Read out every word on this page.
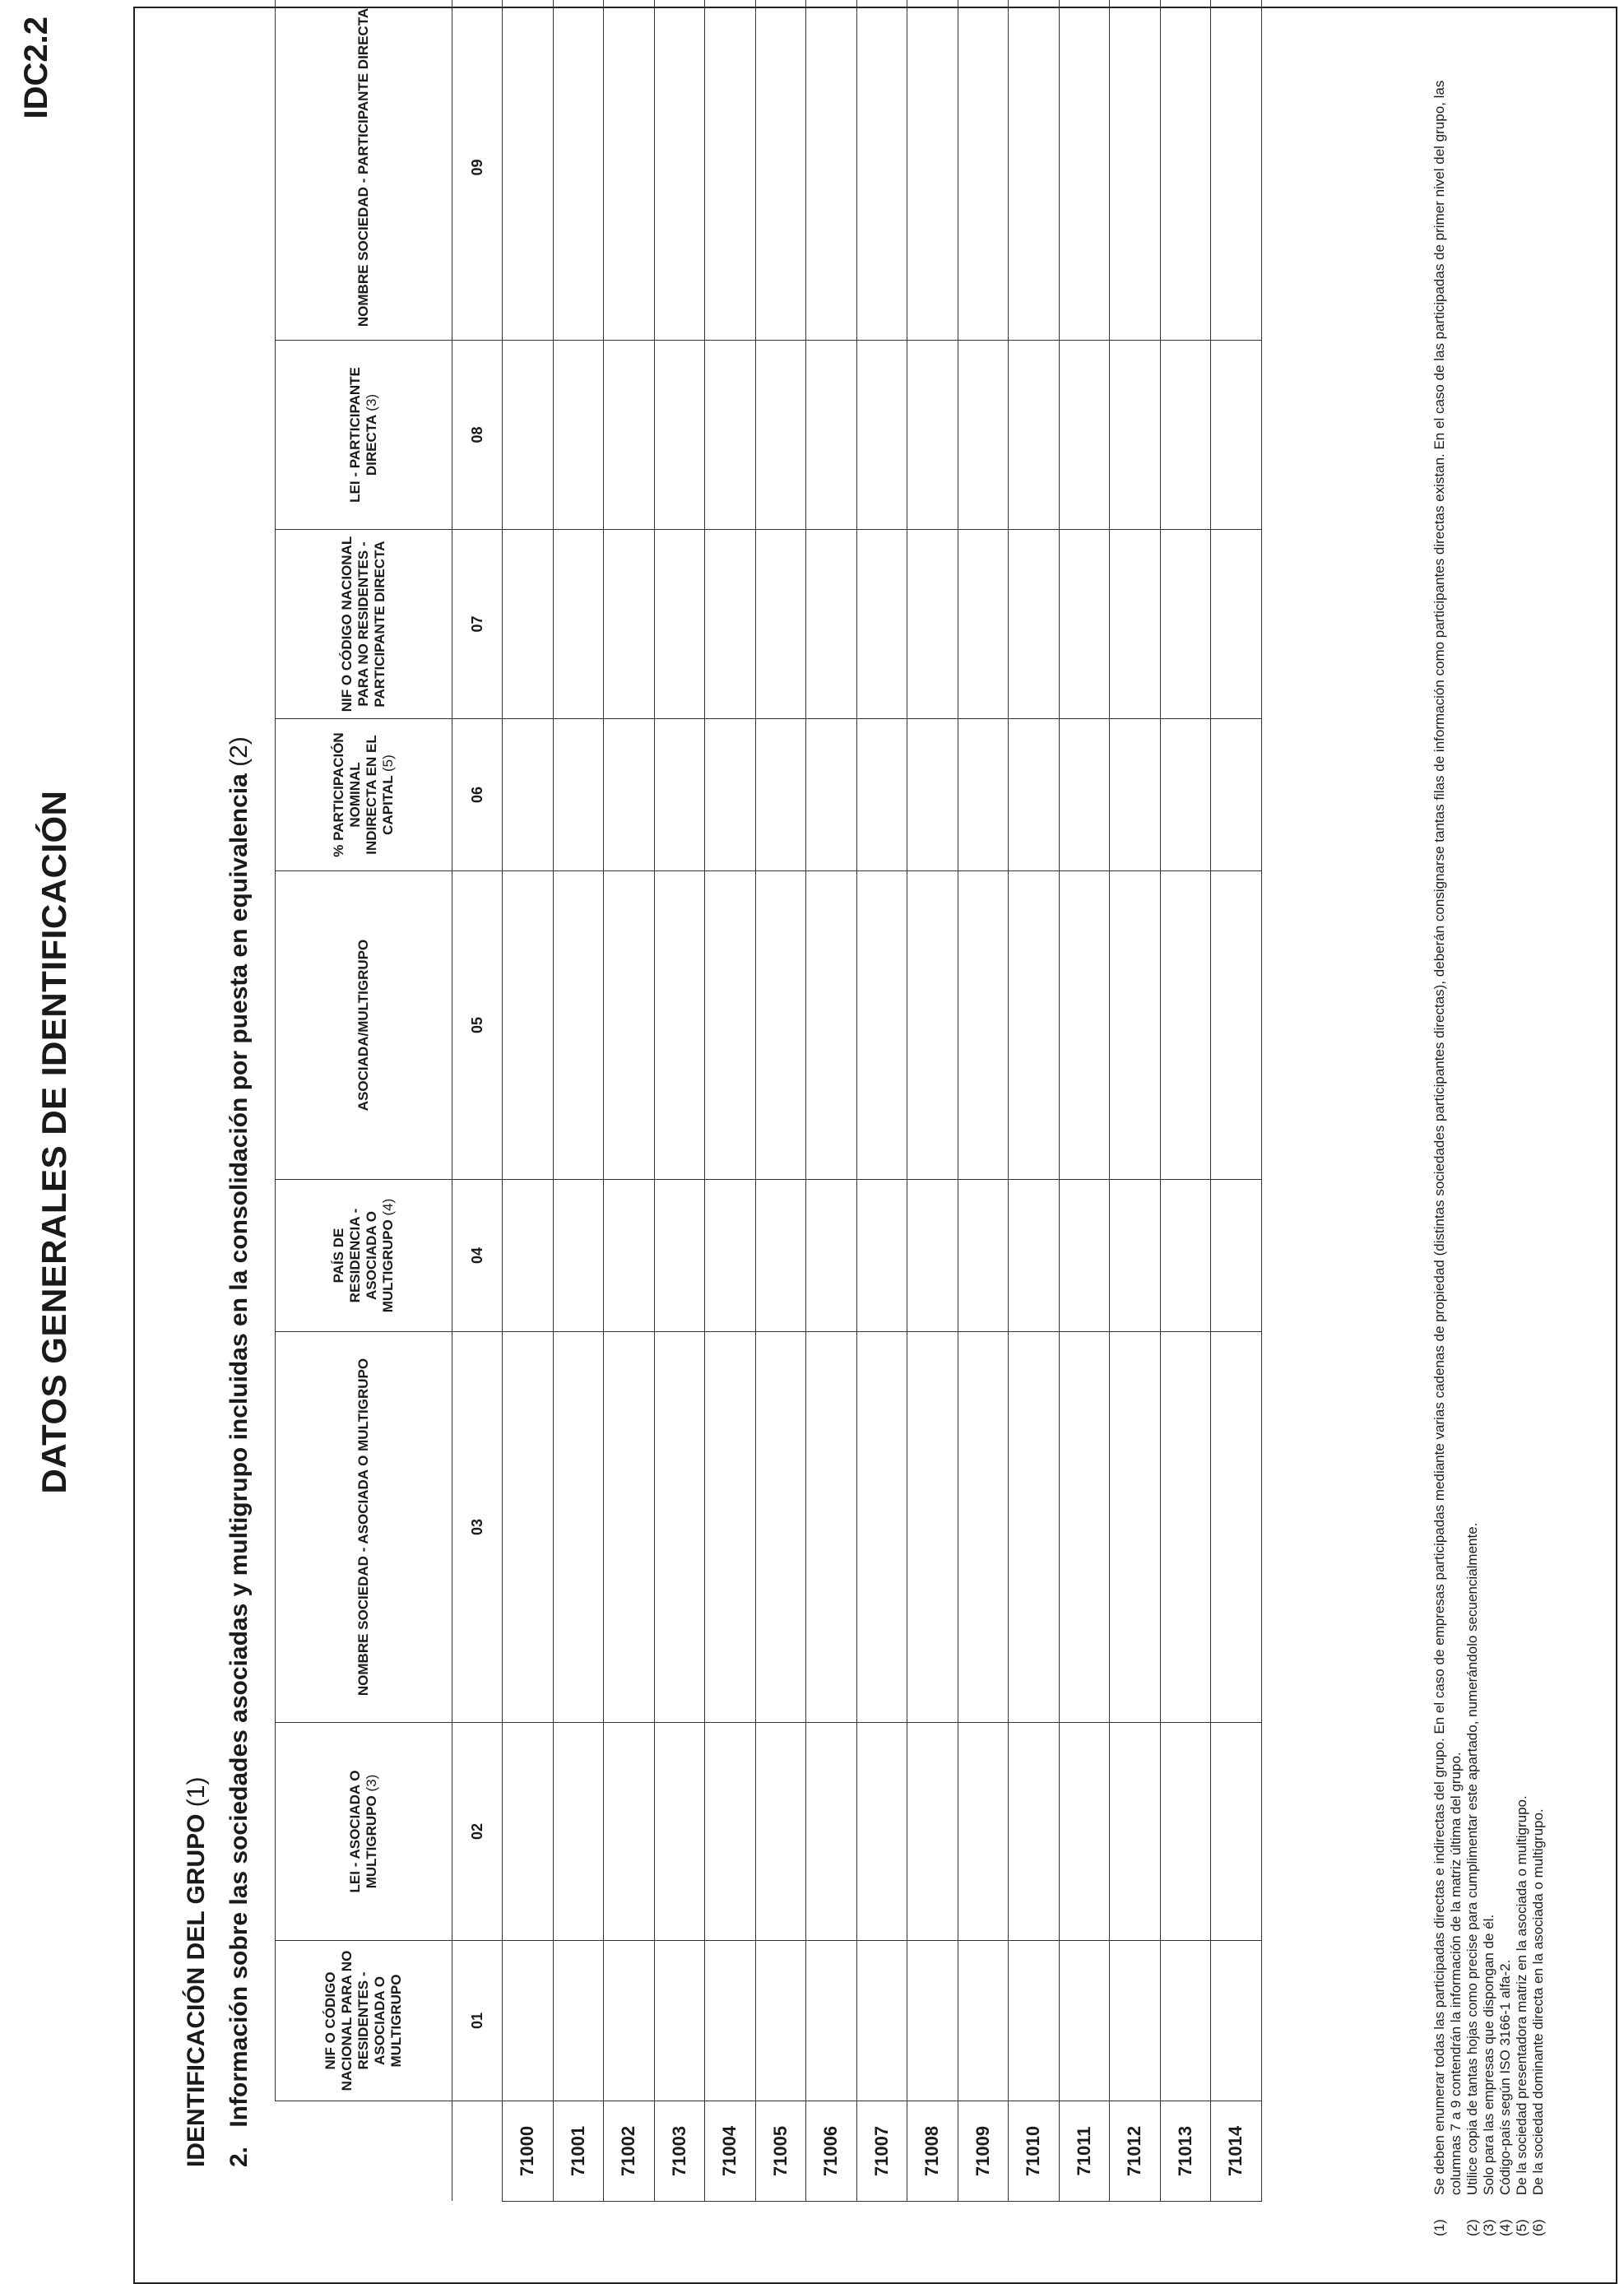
DATOS GENERALES DE IDENTIFICACIÓN
IDC2.2
IDENTIFICACIÓN DEL GRUPO (1)
2. Información sobre las sociedades asociadas y multigrupo incluidas en la consolidación por puesta en equivalencia (2)
	NIF O CÓDIGO NACIONAL PARA NO RESIDENTES - ASOCIADA O MULTIGRUPO	LEI - ASOCIADA O MULTIGRUPO (3)	NOMBRE SOCIEDAD - ASOCIADA O MULTIGRUPO	PAÍS DE RESIDENCIA - ASOCIADA O MULTIGRUPO (4)	ASOCIADA/MULTIGRUPO	% PARTICIPACIÓN NOMINAL INDIRECTA EN EL CAPITAL (5)	NIF O CÓDIGO NACIONAL PARA NO RESIDENTES - PARTICIPANTE DIRECTA	LEI - PARTICIPANTE DIRECTA (3)	NOMBRE SOCIEDAD - PARTICIPANTE DIRECTA	
	01	02	03	04	05	06	07	08	09	
71000										
71001										
71002										
71003										
71004										
71005										
71006										
71007										
71008										
71009										
71010										
71011										
71012										
71013										
71014										
(1)
Se deben enumerar todas las participadas directas e indirectas del grupo. En el caso de empresas participadas mediante varias cadenas de propiedad (distintas sociedades participantes directas), deberán consignarse tantas filas de información como participantes directas existan. En el caso de las participadas de primer nivel del grupo, las columnas 7 a 9 contendrán la información de la matriz última del grupo.
(2)
Utilice copia de tantas hojas como precise para cumplimentar este apartado, numerándolo secuencialmente.
(3)
Solo para las empresas que dispongan de él.
(4)
Código-país según ISO 3166-1 alfa-2.
(5)
De la sociedad presentadora matriz en la asociada o multigrupo.
(6)
De la sociedad dominante directa en la asociada o multigrupo.
